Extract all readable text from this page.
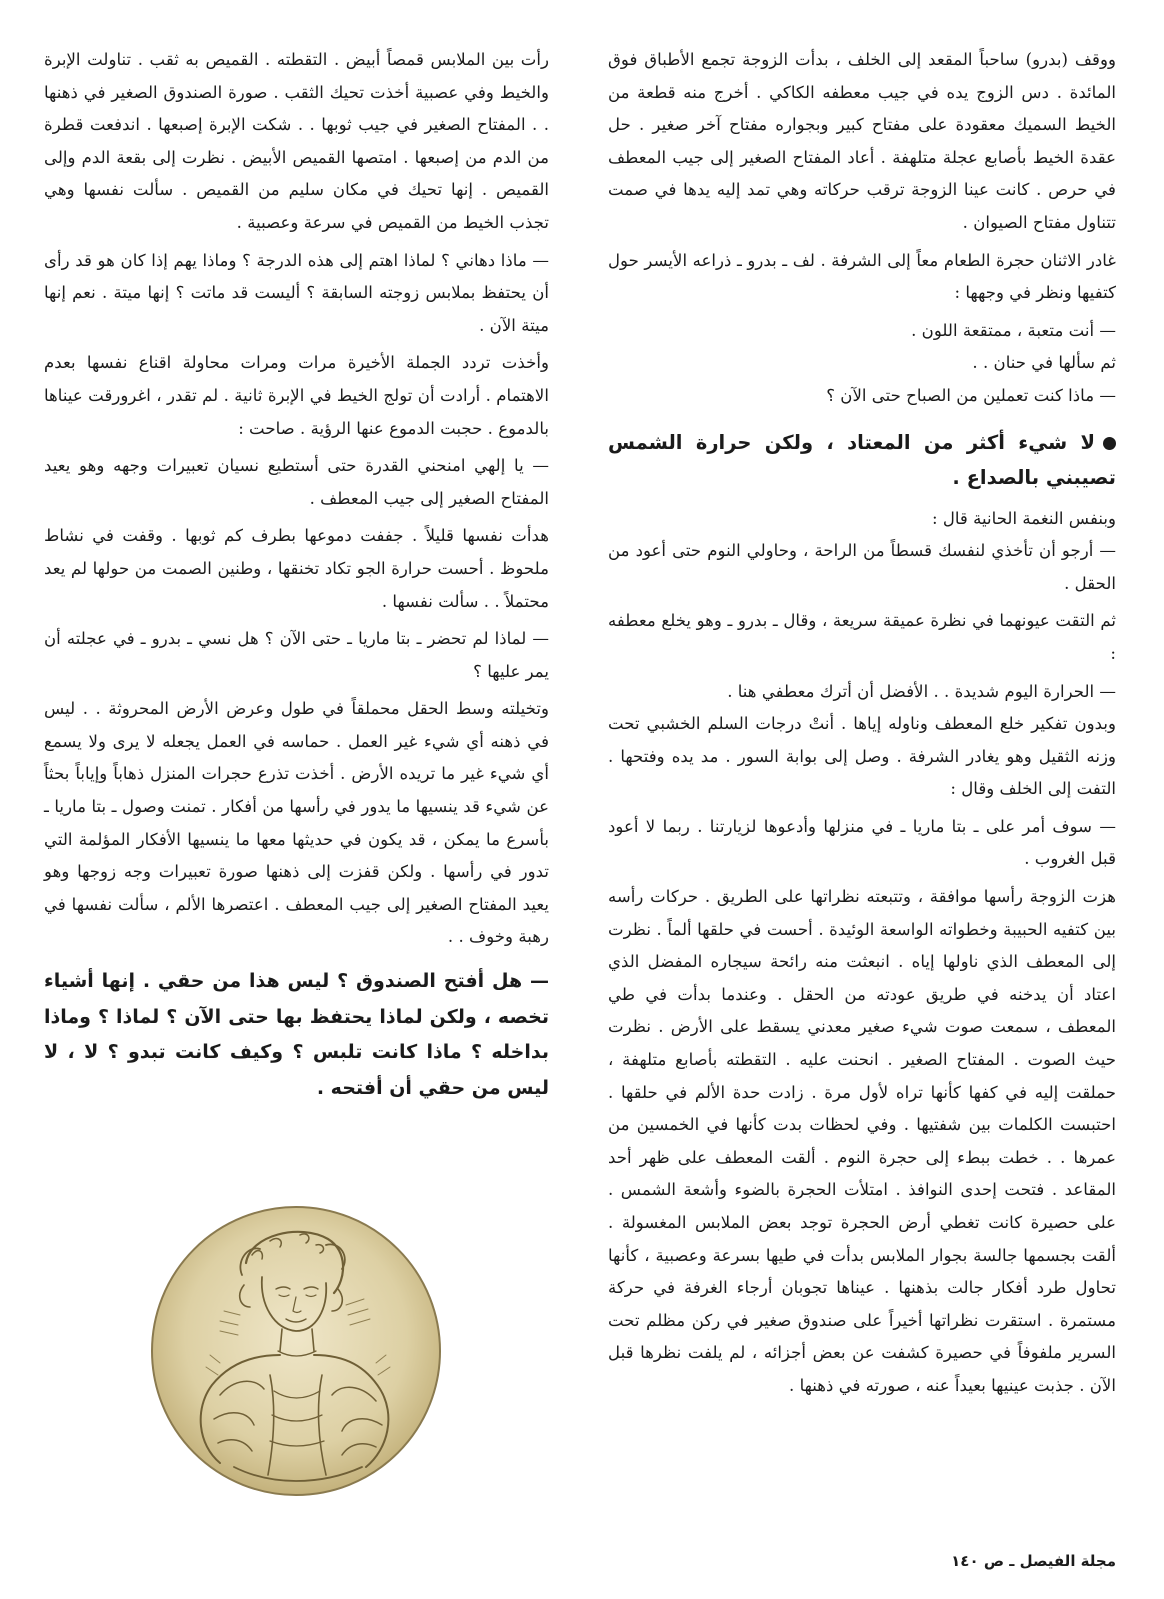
ووقف (بدرو) ساحباً المقعد إلى الخلف ، بدأت الزوجة تجمع الأطباق فوق المائدة . دس الزوج يده في جيب معطفه الكاكي . أخرج منه قطعة من الخيط السميك معقودة على مفتاح كبير وبجواره مفتاح آخر صغير . حل عقدة الخيط بأصابع عجلة متلهفة . أعاد المفتاح الصغير إلى جيب المعطف في حرص . كانت عينا الزوجة ترقب حركاته وهي تمد إليه يدها في صمت تتناول مفتاح الصيوان .

غادر الاثنان حجرة الطعام معاً إلى الشرفة . لف ـ بدرو ـ ذراعه الأيسر حول كتفيها ونظر في وجهها :

— أنت متعبة ، ممتقعة اللون .

ثم سألها في حنان . .

— ماذا كنت تعملين من الصباح حتى الآن ؟

لا شيء أكثر من المعتاد ، ولكن حرارة الشمس تصيبني بالصداع .

وبنفس النغمة الحانية قال :

— أرجو أن تأخذي لنفسك قسطاً من الراحة ، وحاولي النوم حتى أعود من الحقل .

ثم التقت عيونهما في نظرة عميقة سريعة ، وقال ـ بدرو ـ وهو يخلع معطفه :

— الحرارة اليوم شديدة . . الأفضل أن أترك معطفي هنا .

وبدون تفكير خلع المعطف وناوله إياها . أنتْ درجات السلم الخشبي تحت وزنه الثقيل وهو يغادر الشرفة . وصل إلى بوابة السور . مد يده وفتحها . التفت إلى الخلف وقال :

— سوف أمر على ـ بتا ماريا ـ في منزلها وأدعوها لزيارتنا . ربما لا أعود قبل الغروب .

هزت الزوجة رأسها موافقة ، وتتبعته نظراتها على الطريق . حركات رأسه بين كتفيه الحبيبة وخطواته الواسعة الوئيدة . أحست في حلقها ألماً . نظرت إلى المعطف الذي ناولها إياه . انبعثت منه رائحة سيجاره المفضل الذي اعتاد أن يدخنه في طريق عودته من الحقل . وعندما بدأت في طي المعطف ، سمعت صوت شيء صغير معدني يسقط على الأرض . نظرت حيث الصوت . المفتاح الصغير . انحنت عليه . التقطته بأصابع متلهفة ، حملقت إليه في كفها كأنها تراه لأول مرة . زادت حدة الألم في حلقها . احتبست الكلمات بين شفتيها . وفي لحظات بدت كأنها في الخمسين من عمرها . . خطت ببطء إلى حجرة النوم . ألقت المعطف على ظهر أحد المقاعد . فتحت إحدى النوافذ . امتلأت الحجرة بالضوء وأشعة الشمس . على حصيرة كانت تغطي أرض الحجرة توجد بعض الملابس المغسولة . ألقت بجسمها جالسة بجوار الملابس بدأت في طيها بسرعة وعصبية ، كأنها تحاول طرد أفكار جالت بذهنها . عيناها تجوبان أرجاء الغرفة في حركة مستمرة . استقرت نظراتها أخيراً على صندوق صغير في ركن مظلم تحت السرير ملفوفاً في حصيرة كشفت عن بعض أجزائه ، لم يلفت نظرها قبل الآن . جذبت عينيها بعيداً عنه ، صورته في ذهنها .

رأت بين الملابس قمصاً أبيض . التقطته . القميص به ثقب . تناولت الإبرة والخيط وفي عصبية أخذت تحيك الثقب . صورة الصندوق الصغير في ذهنها . . المفتاح الصغير في جيب ثوبها . . شكت الإبرة إصبعها . اندفعت قطرة من الدم من إصبعها . امتصها القميص الأبيض . نظرت إلى بقعة الدم وإلى القميص . إنها تحيك في مكان سليم من القميص . سألت نفسها وهي تجذب الخيط من القميص في سرعة وعصبية .

— ماذا دهاني ؟ لماذا اهتم إلى هذه الدرجة ؟ وماذا يهم إذا كان هو قد رأى أن يحتفظ بملابس زوجته السابقة ؟ أليست قد ماتت ؟ إنها ميتة . نعم إنها ميتة الآن .

وأخذت تردد الجملة الأخيرة مرات ومرات محاولة اقناع نفسها بعدم الاهتمام . أرادت أن تولج الخيط في الإبرة ثانية . لم تقدر ، اغرورقت عيناها بالدموع . حجبت الدموع عنها الرؤية . صاحت :

— يا إلهي امنحني القدرة حتى أستطيع نسيان تعبيرات وجهه وهو يعيد المفتاح الصغير إلى جيب المعطف .

هدأت نفسها قليلاً . جففت دموعها بطرف كم ثوبها . وقفت في نشاط ملحوظ . أحست حرارة الجو تكاد تخنقها ، وطنين الصمت من حولها لم يعد محتملاً . . سألت نفسها .

— لماذا لم تحضر ـ بتا ماريا ـ حتى الآن ؟ هل نسي ـ بدرو ـ في عجلته أن يمر عليها ؟

وتخيلته وسط الحقل محملقاً في طول وعرض الأرض المحروثة . . ليس في ذهنه أي شيء غير العمل . حماسه في العمل يجعله لا يرى ولا يسمع أي شيء غير ما تريده الأرض . أخذت تذرع حجرات المنزل ذهاباً وإياباً بحثاً عن شيء قد ينسيها ما يدور في رأسها من أفكار . تمنت وصول ـ بتا ماريا ـ بأسرع ما يمكن ، قد يكون في حديثها معها ما ينسيها الأفكار المؤلمة التي تدور في رأسها . ولكن قفزت إلى ذهنها صورة تعبيرات وجه زوجها وهو يعيد المفتاح الصغير إلى جيب المعطف . اعتصرها الألم ، سألت نفسها في رهبة وخوف . .

— هل أفتح الصندوق ؟ ليس هذا من حقي . إنها أشياء تخصه ، ولكن لماذا يحتفظ بها حتى الآن ؟ لماذا ؟ وماذا بداخله ؟ ماذا كانت تلبس ؟ وكيف كانت تبدو ؟ لا ، لا ليس من حقي أن أفتحه .
مجلة الفيصل ـ ص ١٤٠
